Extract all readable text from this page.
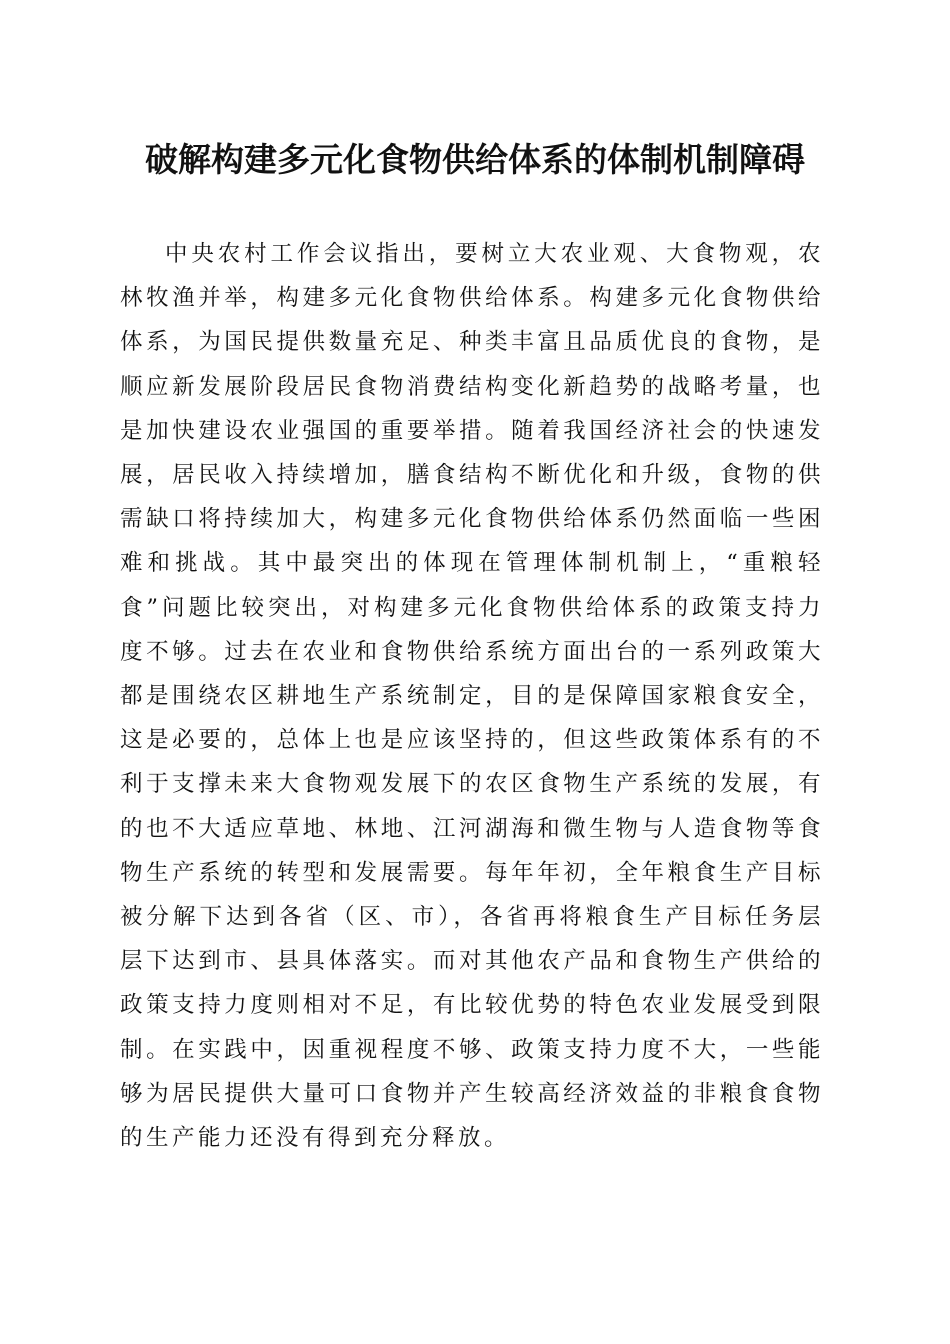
破解构建多元化食物供给体系的体制机制障碍

中央农村工作会议指出，要树立大农业观、大食物观，农林牧渔并举，构建多元化食物供给体系。构建多元化食物供给体系，为国民提供数量充足、种类丰富且品质优良的食物，是顺应新发展阶段居民食物消费结构变化新趋势的战略考量，也是加快建设农业强国的重要举措。随着我国经济社会的快速发展，居民收入持续增加，膳食结构不断优化和升级，食物的供需缺口将持续加大，构建多元化食物供给体系仍然面临一些困难和挑战。其中最突出的体现在管理体制机制上，“重粮轻食”问题比较突出，对构建多元化食物供给体系的政策支持力度不够。过去在农业和食物供给系统方面出台的一系列政策大都是围绕农区耕地生产系统制定，目的是保障国家粮食安全，这是必要的，总体上也是应该坚持的，但这些政策体系有的不利于支撑未来大食物观发展下的农区食物生产系统的发展，有的也不大适应草地、林地、江河湖海和微生物与人造食物等食物生产系统的转型和发展需要。每年年初，全年粮食生产目标被分解下达到各省（区、市），各省再将粮食生产目标任务层层下达到市、县具体落实。而对其他农产品和食物生产供给的政策支持力度则相对不足，有比较优势的特色农业发展受到限制。在实践中，因重视程度不够、政策支持力度不大，一些能够为居民提供大量可口食物并产生较高经济效益的非粮食食物的生产能力还没有得到充分释放。
